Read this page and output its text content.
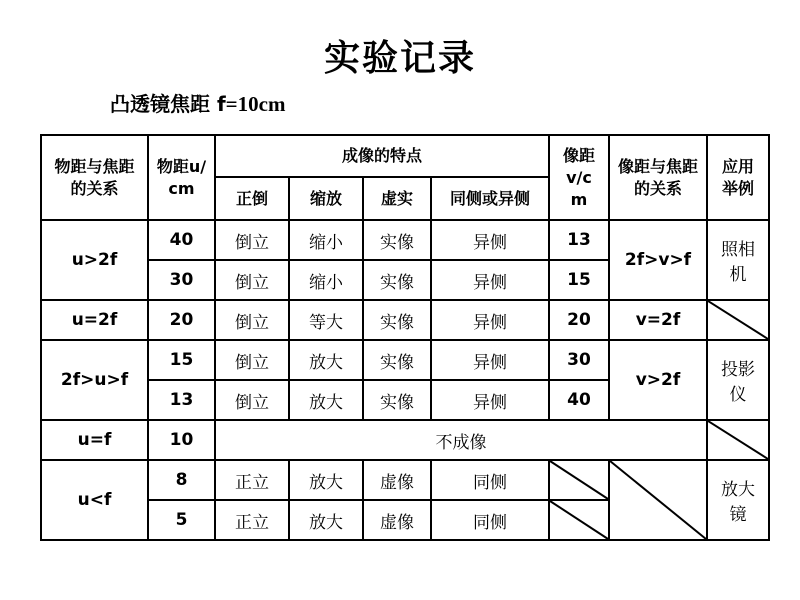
实验记录
凸透镜焦距 f=10cm
物距与焦距的关系	物距u/cm	成像的特点				像距v/cm	像距与焦距的关系	应用举例

		正倒	缩放	虚实	同侧或异侧			
u>2f	40	倒立	缩小	实像	异侧	13	2f>v>f	照相机

	30	倒立	缩小	实像	异侧	15		
u=2f	20	倒立	等大	实像	异侧	20	v=2f	

2f>u>f	15	倒立	放大	实像	异侧	30	v>2f	投影仪

	13	倒立	放大	实像	异侧	40		
u=f	10	不成像	

u<f	8	正立	放大	虚像	同侧			放大镜

	5	正立	放大	虚像	同侧	
